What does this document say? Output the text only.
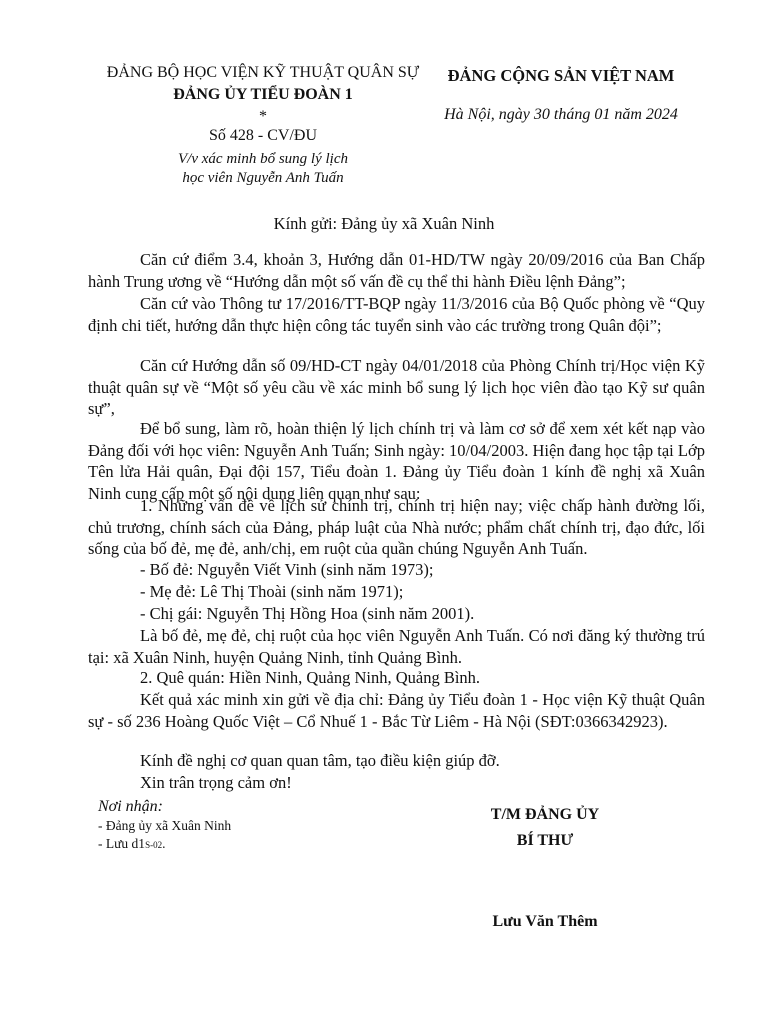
ĐẢNG BỘ HỌC VIỆN KỸ THUẬT QUÂN SỰ
ĐẢNG ỦY TIỂU ĐOÀN 1
*
Số 428 - CV/ĐU
V/v xác minh bổ sung lý lịch
học viên Nguyễn Anh Tuấn
ĐẢNG CỘNG SẢN VIỆT NAM
Hà Nội, ngày 30 tháng 01 năm 2024
Kính gửi: Đảng ủy xã Xuân Ninh
Căn cứ điểm 3.4, khoản 3, Hướng dẫn 01-HD/TW ngày 20/09/2016 của Ban Chấp hành Trung ương về “Hướng dẫn một số vấn đề cụ thể thi hành Điều lệnh Đảng”;
Căn cứ vào Thông tư 17/2016/TT-BQP ngày 11/3/2016 của Bộ Quốc phòng về “Quy định chi tiết, hướng dẫn thực hiện công tác tuyển sinh vào các trường trong Quân đội”;
Căn cứ Hướng dẫn số 09/HD-CT ngày 04/01/2018 của Phòng Chính trị/Học viện Kỹ thuật quân sự về “Một số yêu cầu về xác minh bổ sung lý lịch học viên đào tạo Kỹ sư quân sự”,
Để bổ sung, làm rõ, hoàn thiện lý lịch chính trị và làm cơ sở để xem xét kết nạp vào Đảng đối với học viên: Nguyễn Anh Tuấn; Sinh ngày: 10/04/2003. Hiện đang học tập tại Lớp Tên lửa Hải quân, Đại đội 157, Tiểu đoàn 1. Đảng ủy Tiểu đoàn 1 kính đề nghị xã Xuân Ninh cung cấp một số nội dung liên quan như sau:
1. Những vấn đề về lịch sử chính trị, chính trị hiện nay; việc chấp hành đường lối, chủ trương, chính sách của Đảng, pháp luật của Nhà nước; phẩm chất chính trị, đạo đức, lối sống của bố đẻ, mẹ đẻ, anh/chị, em ruột của quần chúng Nguyễn Anh Tuấn.
- Bố đẻ: Nguyễn Viết Vinh (sinh năm 1973);
- Mẹ đẻ: Lê Thị Thoài (sinh năm 1971);
- Chị gái: Nguyễn Thị Hồng Hoa (sinh năm 2001).
Là bố đẻ, mẹ đẻ, chị ruột của học viên Nguyễn Anh Tuấn. Có nơi đăng ký thường trú tại: xã Xuân Ninh, huyện Quảng Ninh, tỉnh Quảng Bình.
2. Quê quán: Hiền Ninh, Quảng Ninh, Quảng Bình.
Kết quả xác minh xin gửi về địa chỉ: Đảng ủy Tiểu đoàn 1 - Học viện Kỹ thuật Quân sự - số 236 Hoàng Quốc Việt – Cổ Nhuế 1 - Bắc Từ Liêm - Hà Nội (SĐT:0366342923).
Kính đề nghị cơ quan quan tâm, tạo điều kiện giúp đỡ.
Xin trân trọng cảm ơn!
Nơi nhận:
- Đảng ủy xã Xuân Ninh
- Lưu d1S-02.
T/M ĐẢNG ỦY
BÍ THƯ
Lưu Văn Thêm
